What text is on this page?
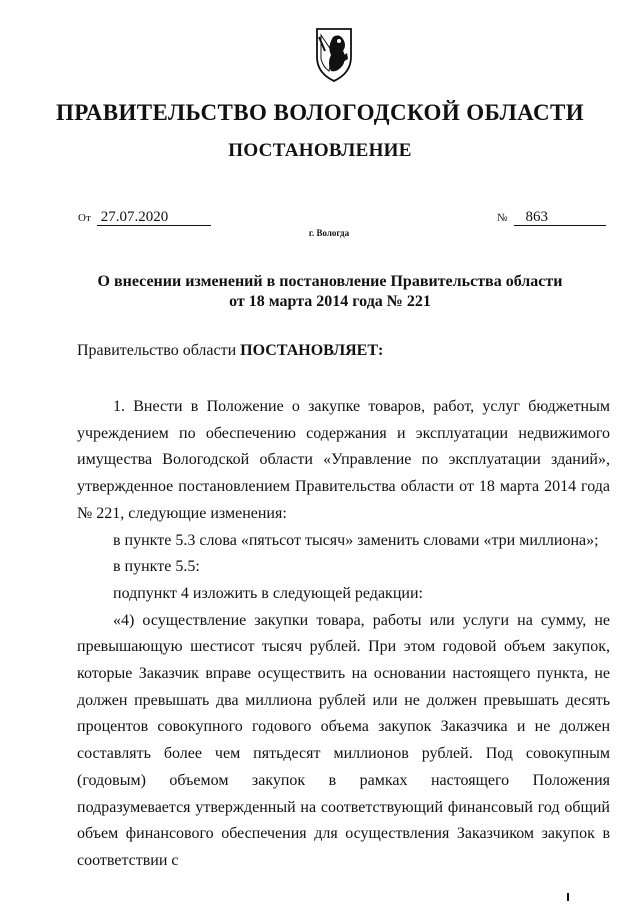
ПРАВИТЕЛЬСТВО ВОЛОГОДСКОЙ ОБЛАСТИ
ПОСТАНОВЛЕНИЕ
От 27.07.2020	№ 863
г. Вологда
О внесении изменений в постановление Правительства области
от 18 марта 2014 года № 221
Правительство области ПОСТАНОВЛЯЕТ:

1. Внести в Положение о закупке товаров, работ, услуг бюджетным учреждением по обеспечению содержания и эксплуатации недвижимого имущества Вологодской области «Управление по эксплуатации зданий», утвержденное постановлением Правительства области от 18 марта 2014 года № 221, следующие изменения:

в пункте 5.3 слова «пятьсот тысяч» заменить словами «три миллиона»;

в пункте 5.5:

подпункт 4 изложить в следующей редакции:

«4) осуществление закупки товара, работы или услуги на сумму, не превышающую шестисот тысяч рублей. При этом годовой объем закупок, которые Заказчик вправе осуществить на основании настоящего пункта, не должен превышать два миллиона рублей или не должен превышать десять процентов совокупного годового объема закупок Заказчика и не должен составлять более чем пятьдесят миллионов рублей. Под совокупным (годовым) объемом закупок в рамках настоящего Положения подразумевается утвержденный на соответствующий финансовый год общий объем финансового обеспечения для осуществления Заказчиком закупок в соответствии с
